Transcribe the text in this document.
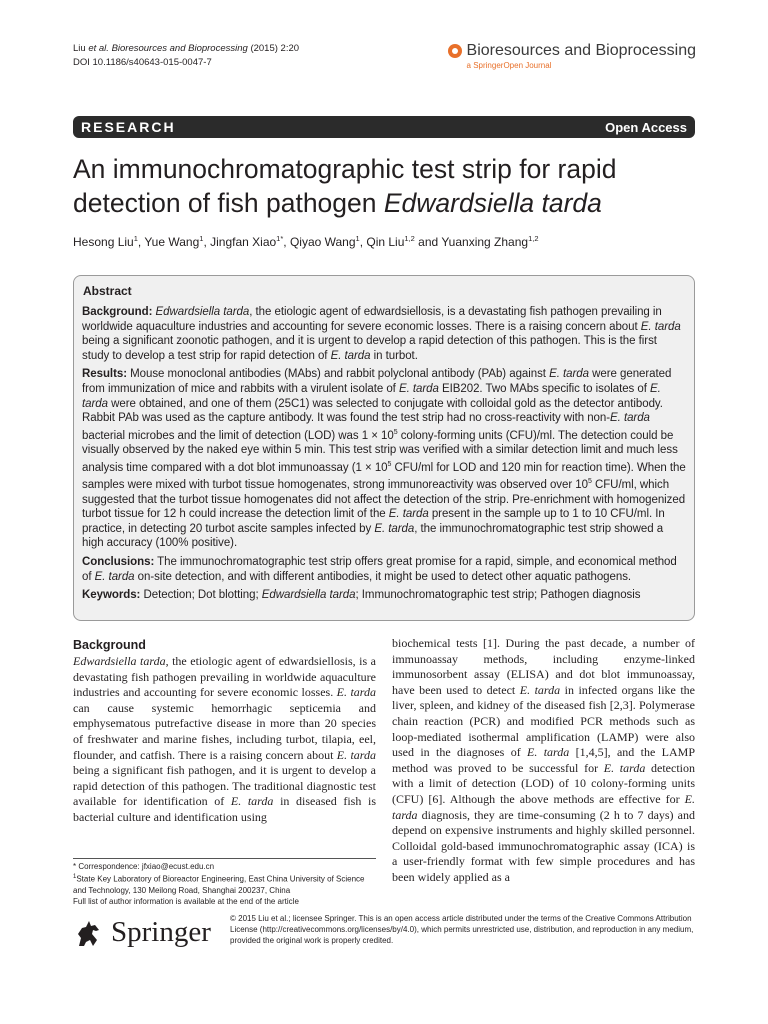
Liu et al. Bioresources and Bioprocessing (2015) 2:20
DOI 10.1186/s40643-015-0047-7
Bioresources and Bioprocessing
a SpringerOpen Journal
RESEARCH	Open Access
An immunochromatographic test strip for rapid detection of fish pathogen Edwardsiella tarda
Hesong Liu$^1$, Yue Wang$^1$, Jingfan Xiao$^{1*}$, Qiyao Wang$^1$, Qin Liu$^{1,2}$ and Yuanxing Zhang$^{1,2}$
Abstract

Background: Edwardsiella tarda, the etiologic agent of edwardsiellosis, is a devastating fish pathogen prevailing in worldwide aquaculture industries and accounting for severe economic losses. There is a raising concern about E. tarda being a significant zoonotic pathogen, and it is urgent to develop a rapid detection of this pathogen. This is the first study to develop a test strip for rapid detection of E. tarda in turbot.

Results: Mouse monoclonal antibodies (MAbs) and rabbit polyclonal antibody (PAb) against E. tarda were generated from immunization of mice and rabbits with a virulent isolate of E. tarda EIB202. Two MAbs specific to isolates of E. tarda were obtained, and one of them (25C1) was selected to conjugate with colloidal gold as the detector antibody. Rabbit PAb was used as the capture antibody. It was found the test strip had no cross-reactivity with non-E. tarda bacterial microbes and the limit of detection (LOD) was $1 \times 10^5$ colony-forming units (CFU)/ml. The detection could be visually observed by the naked eye within 5 min. This test strip was verified with a similar detection limit and much less analysis time compared with a dot blot immunoassay ($1 \times 10^5$ CFU/ml for LOD and 120 min for reaction time). When the samples were mixed with turbot tissue homogenates, strong immunoreactivity was observed over $10^5$ CFU/ml, which suggested that the turbot tissue homogenates did not affect the detection of the strip. Pre-enrichment with homogenized turbot tissue for 12 h could increase the detection limit of the E. tarda present in the sample up to 1 to 10 CFU/ml. In practice, in detecting 20 turbot ascite samples infected by E. tarda, the immunochromatographic test strip showed a high accuracy (100% positive).

Conclusions: The immunochromatographic test strip offers great promise for a rapid, simple, and economical method of E. tarda on-site detection, and with different antibodies, it might be used to detect other aquatic pathogens.

Keywords: Detection; Dot blotting; Edwardsiella tarda; Immunochromatographic test strip; Pathogen diagnosis

Background
Edwardsiella tarda, the etiologic agent of edwardsiellosis, is a devastating fish pathogen prevailing in worldwide aquaculture industries and accounting for severe economic losses. E. tarda can cause systemic hemorrhagic septicemia and emphysematous putrefactive disease in more than 20 species of freshwater and marine fishes, including turbot, tilapia, eel, flounder, and catfish. There is a raising concern about E. tarda being a significant fish pathogen, and it is urgent to develop a rapid detection of this pathogen. The traditional diagnostic test available for identification of E. tarda in diseased fish is bacterial culture and identification using
biochemical tests [1]. During the past decade, a number of immunoassay methods, including enzyme-linked immunosorbent assay (ELISA) and dot blot immunoassay, have been used to detect E. tarda in infected organs like the liver, spleen, and kidney of the diseased fish [2,3]. Polymerase chain reaction (PCR) and modified PCR methods such as loop-mediated isothermal amplification (LAMP) were also used in the diagnoses of E. tarda [1,4,5], and the LAMP method was proved to be successful for E. tarda detection with a limit of detection (LOD) of 10 colony-forming units (CFU) [6]. Although the above methods are effective for E. tarda diagnosis, they are time-consuming (2 h to 7 days) and depend on expensive instruments and highly skilled personnel. Colloidal gold-based immunochromatographic assay (ICA) is a user-friendly format with few simple procedures and has been widely applied as a
* Correspondence: jfxiao@ecust.edu.cn
$^1$State Key Laboratory of Bioreactor Engineering, East China University of Science and Technology, 130 Meilong Road, Shanghai 200237, China
Full list of author information is available at the end of the article
Springer © 2015 Liu et al.; licensee Springer. This is an open access article distributed under the terms of the Creative Commons Attribution License (http://creativecommons.org/licenses/by/4.0), which permits unrestricted use, distribution, and reproduction in any medium, provided the original work is properly credited.
